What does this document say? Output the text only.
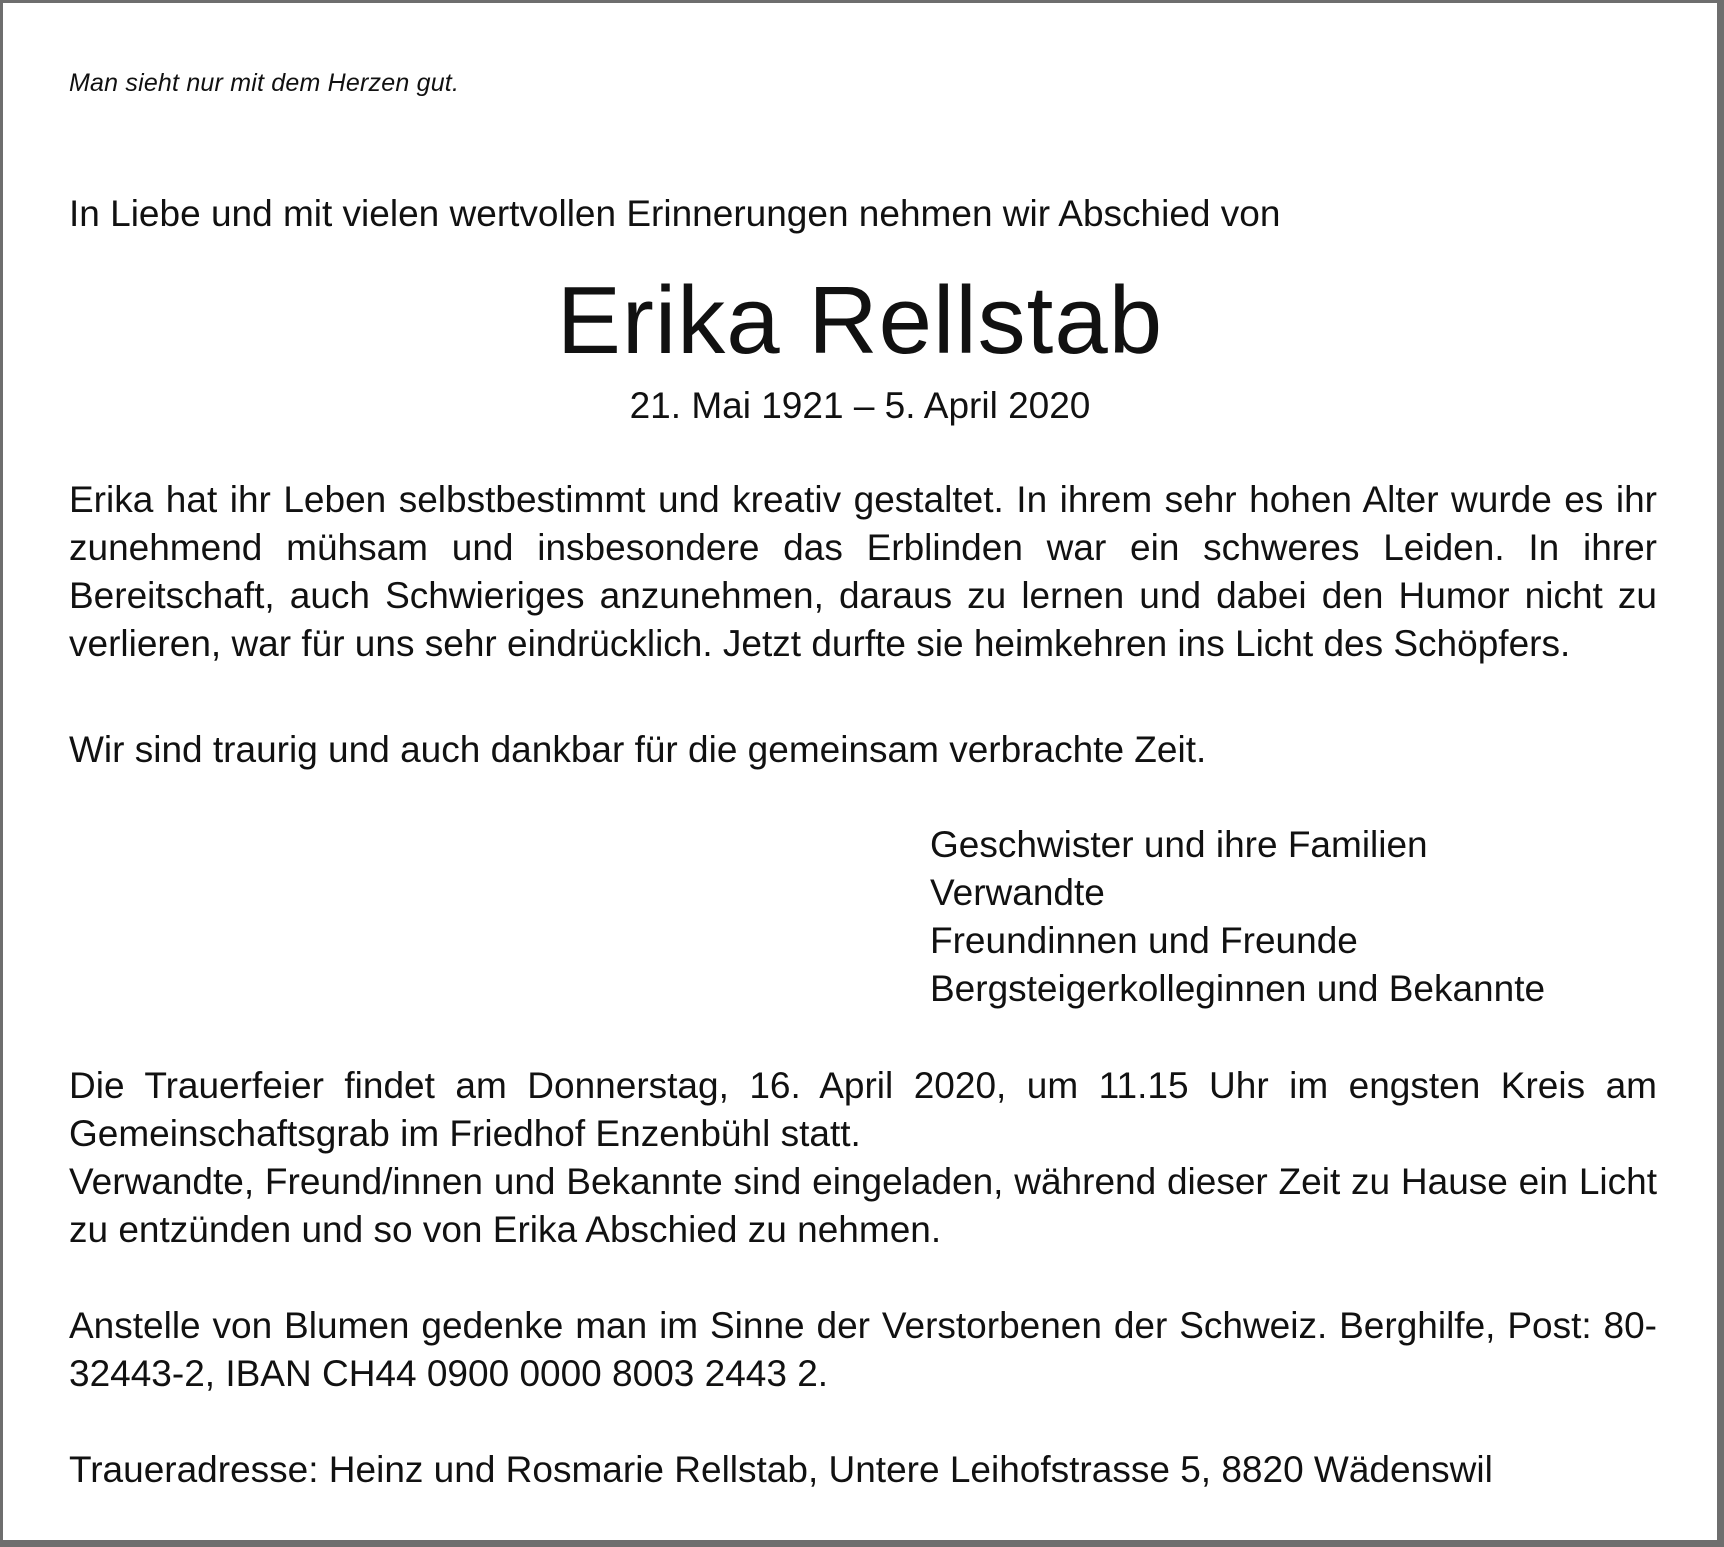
Man sieht nur mit dem Herzen gut.
In Liebe und mit vielen wertvollen Erinnerungen nehmen wir Abschied von
Erika Rellstab
21. Mai 1921 – 5. April 2020

Erika hat ihr Leben selbstbestimmt und kreativ gestaltet. In ihrem sehr hohen Alter wurde es ihr zunehmend mühsam und insbesondere das Erblinden war ein schweres Leiden. In ihrer Bereitschaft, auch Schwieriges anzunehmen, daraus zu lernen und dabei den Humor nicht zu verlieren, war für uns sehr eindrücklich. Jetzt durfte sie heimkehren ins Licht des Schöpfers.

Wir sind traurig und auch dankbar für die gemeinsam verbrachte Zeit.

Geschwister und ihre Familien
Verwandte
Freundinnen und Freunde
Bergsteigerkolleginnen und Bekannte

Die Trauerfeier findet am Donnerstag, 16. April 2020, um 11.15 Uhr im engsten Kreis am Gemeinschaftsgrab im Friedhof Enzenbühl statt.

Verwandte, Freund/innen und Bekannte sind eingeladen, während dieser Zeit zu Hause ein Licht zu entzünden und so von Erika Abschied zu nehmen.

Anstelle von Blumen gedenke man im Sinne der Verstorbenen der Schweiz. Berghilfe, Post: 80-32443-2, IBAN CH44 0900 0000 8003 2443 2.

Traueradresse: Heinz und Rosmarie Rellstab, Untere Leihofstrasse 5, 8820 Wädenswil
